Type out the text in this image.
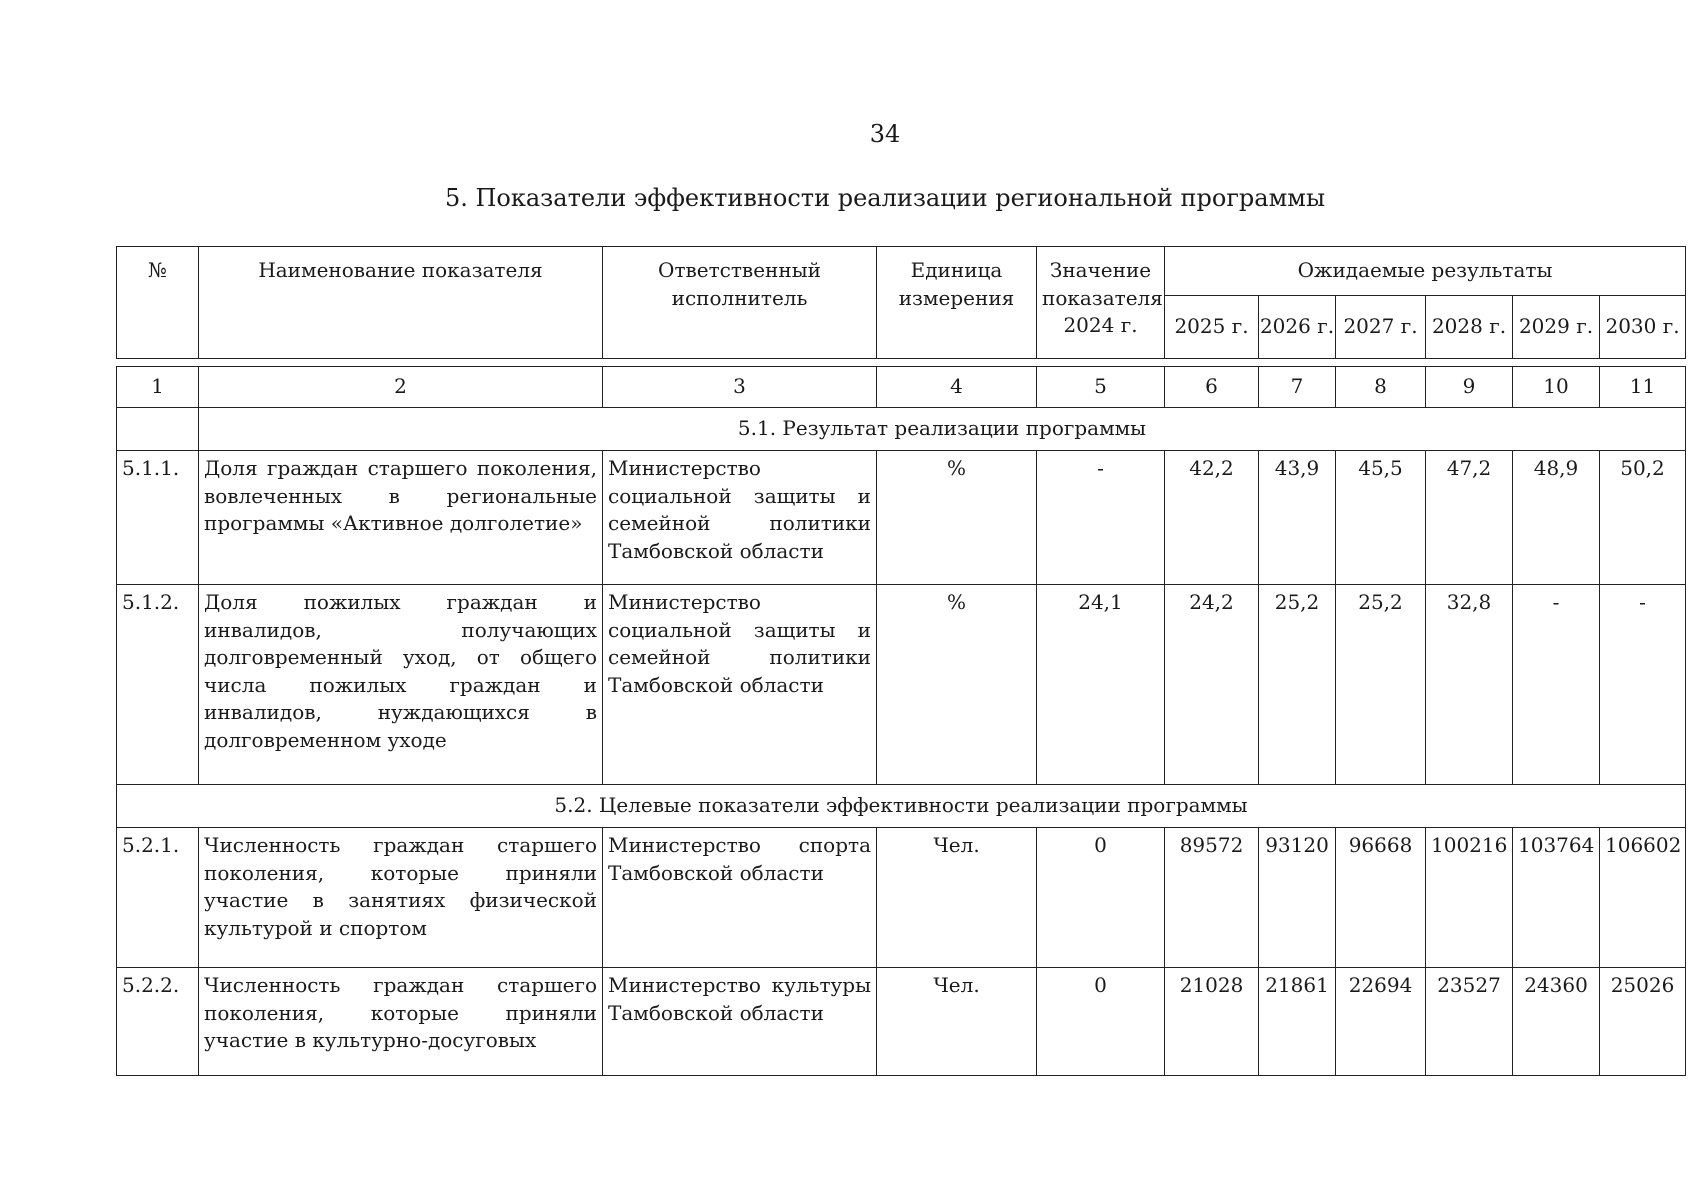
34
5. Показатели эффективности реализации региональной программы
№	Наименование показателя	Ответственный исполнитель	Единица измерения	Значение показателя 2024 г.	Ожидаемые результаты					
					2025 г.	2026 г.	2027 г.	2028 г.	2029 г.	2030 г.
1	2	3	4	5	6	7	8	9	10	11
	5.1. Результат реализации программы									
5.1.1.	Доля граждан старшего поколения, вовлеченных в региональные программы «Активное долголетие»	Министерство социальной защиты и семейной политики Тамбовской области	%	-	42,2	43,9	45,5	47,2	48,9	50,2
5.1.2.	Доля пожилых граждан и инвалидов, получающих долговременный уход, от общего числа пожилых граждан и инвалидов, нуждающихся в долговременном уходе	Министерство социальной защиты и семейной политики Тамбовской области	%	24,1	24,2	25,2	25,2	32,8	-	-
5.2. Целевые показатели эффективности реализации программы										
5.2.1.	Численность граждан старшего поколения, которые приняли участие в занятиях физической культурой и спортом	Министерство спорта Тамбовской области	Чел.	0	89572	93120	96668	100216	103764	106602
5.2.2.	Численность граждан старшего поколения, которые приняли участие в культурно-досуговых	Министерство культуры Тамбовской области	Чел.	0	21028	21861	22694	23527	24360	25026
